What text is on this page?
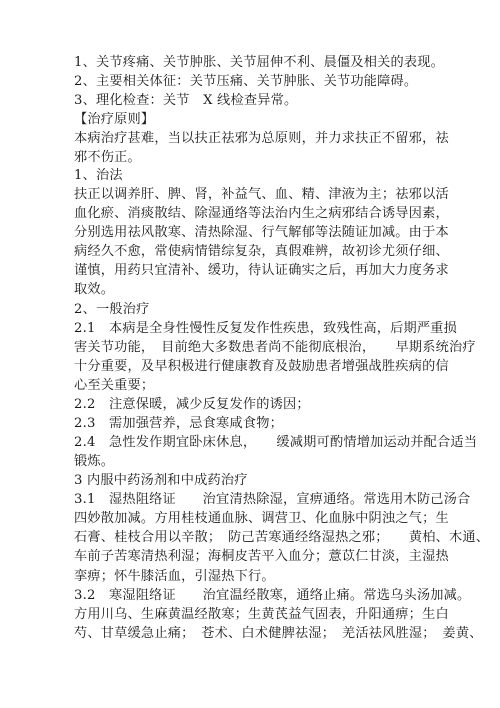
1、关节疼痛、关节肿胀、关节屈伸不利、晨僵及相关的表现。
2、主要相关体征：关节压痛、关节肿胀、关节功能障碍。
3、理化检查：关节　X 线检查异常。
【治疗原则】
本病治疗甚难，当以扶正祛邪为总原则，并力求扶正不留邪，祛
邪不伤正。
1、治法
扶正以调养肝、脾、肾，补益气、血、精、津液为主；祛邪以活
血化瘀、消痰散结、除湿通络等法治内生之病邪结合诱导因素，
分别选用祛风散寒、清热除湿、行气解郁等法随证加减。由于本
病经久不愈，常使病情错综复杂，真假难辨，故初诊尤须仔细、
谨慎，用药只宜清补、缓功，待认证确实之后，再加大力度务求
取效。
2、一般治疗
2.1　本病是全身性慢性反复发作性疾患，致残性高，后期严重损
害关节功能，　目前绝大多数患者尚不能彻底根治，　　早期系统治疗
十分重要，及早积极进行健康教育及鼓励患者增强战胜疾病的信
心至关重要；
2.2　注意保暖，减少反复发作的诱因；
2.3　需加强营养，忌食寒咸食物；
2.4　急性发作期宜卧床休息，　　缓减期可酌情增加运动并配合适当
锻炼。
3 内服中药汤剂和中成药治疗
3.1　湿热阻络证　　治宜清热除湿，宣痹通络。常选用木防己汤合
四妙散加减。方用桂枝通血脉、调营卫、化血脉中阴浊之气；生
石膏、桂枝合用以辛散；　防己苦寒通经络湿热之邪；　　黄柏、木通、
车前子苦寒清热利湿；海桐皮苦平入血分；薏苡仁甘淡，主湿热
挛痹；怀牛膝活血，引湿热下行。
3.2　寒湿阻络证　　治宜温经散寒，通络止痛。常选乌头汤加减。
方用川乌、生麻黄温经散寒；生黄芪益气固表，升阳通痹；生白
芍、甘草缓急止痛；　苍术、白术健脾祛湿；　羌活祛风胜湿；　姜黄、
